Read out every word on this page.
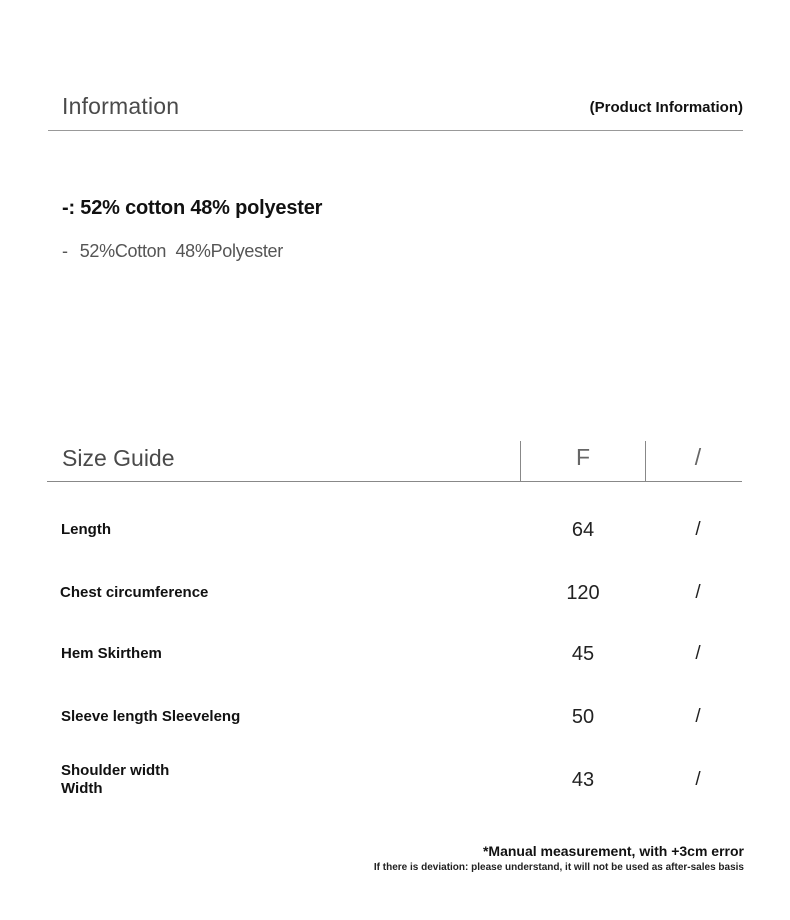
Information	(Product Information)
-: 52% cotton 48% polyester
- 52%Cotton  48%Polyester
Size Guide	F	/
Length	64	/
Chest circumference	120	/
Hem Skirthem	45	/
Sleeve length Sleeveleng	50	/
Shoulder width
Width	43	/
*Manual measurement, with +3cm error
If there is deviation: please understand, it will not be used as after-sales basis
